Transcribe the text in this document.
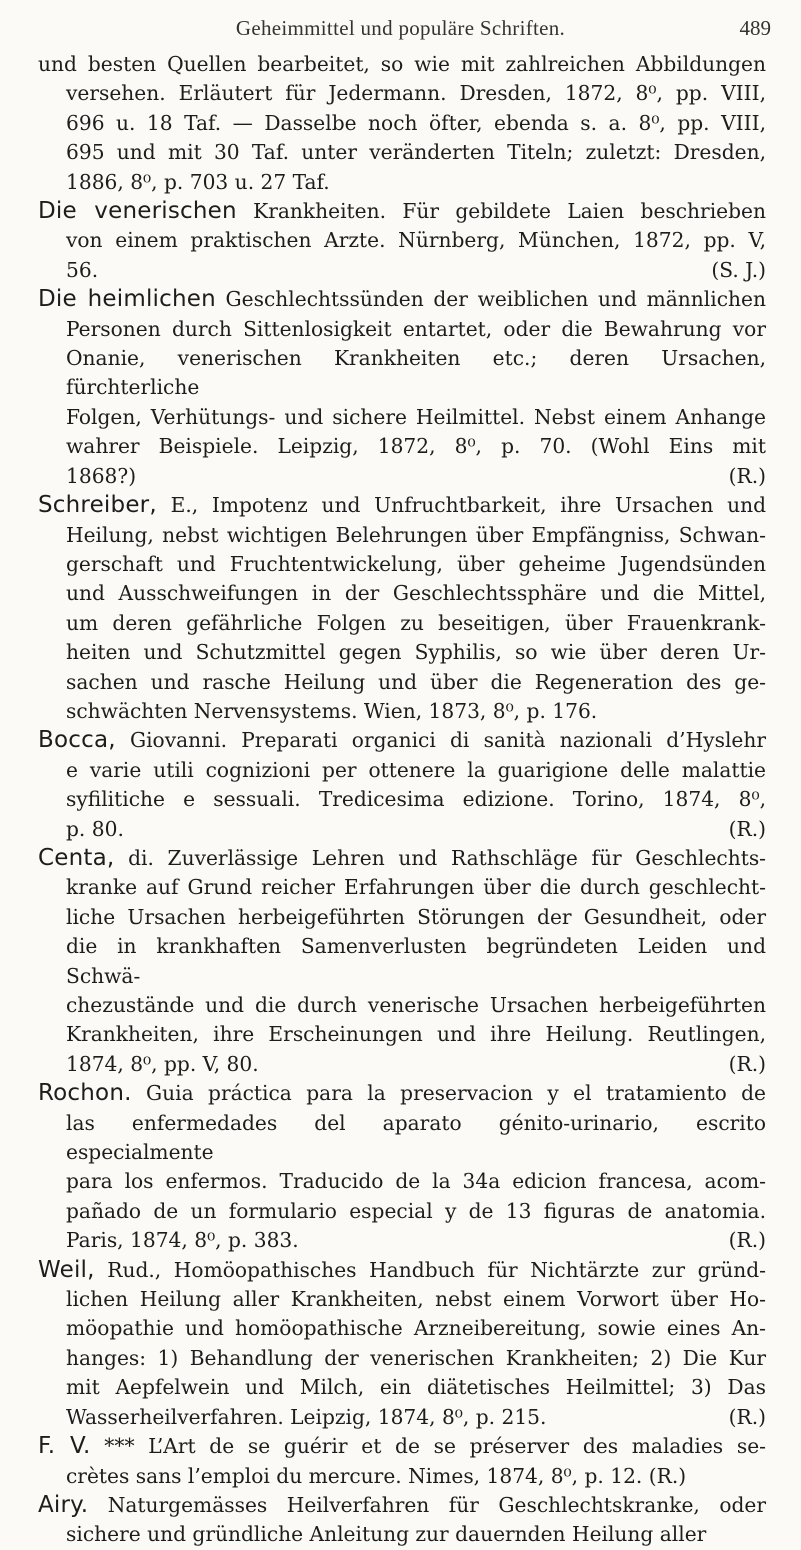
Geheimmittel und populäre Schriften.	489
und besten Quellen bearbeitet, so wie mit zahlreichen Abbildungen
versehen. Erläutert für Jedermann. Dresden, 1872, 8⁰, pp. VIII,
696 u. 18 Taf. — Dasselbe noch öfter, ebenda s. a. 8⁰, pp. VIII,
695 und mit 30 Taf. unter veränderten Titeln; zuletzt: Dresden,
1886, 8⁰, p. 703 u. 27 Taf.
Die venerischen Krankheiten. Für gebildete Laien beschrieben
von einem praktischen Arzte. Nürnberg, München, 1872, pp. V,
56.	(S. J.)
Die heimlichen Geschlechtssünden der weiblichen und männlichen
Personen durch Sittenlosigkeit entartet, oder die Bewahrung vor
Onanie, venerischen Krankheiten etc.; deren Ursachen, fürchterliche
Folgen, Verhütungs- und sichere Heilmittel. Nebst einem Anhange
wahrer Beispiele. Leipzig, 1872, 8⁰, p. 70. (Wohl Eins mit
1868?)	(R.)
Schreiber, E., Impotenz und Unfruchtbarkeit, ihre Ursachen und
Heilung, nebst wichtigen Belehrungen über Empfängniss, Schwan-
gerschaft und Fruchtentwickelung, über geheime Jugendsünden
und Ausschweifungen in der Geschlechtssphäre und die Mittel,
um deren gefährliche Folgen zu beseitigen, über Frauenkrank-
heiten und Schutzmittel gegen Syphilis, so wie über deren Ur-
sachen und rasche Heilung und über die Regeneration des ge-
schwächten Nervensystems. Wien, 1873, 8⁰, p. 176.
Bocca, Giovanni. Preparati organici di sanità nazionali d’Hyslehr
e varie utili cognizioni per ottenere la guarigione delle malattie
syfilitiche e sessuali. Tredicesima edizione. Torino, 1874, 8⁰,
p. 80.	(R.)
Centa, di. Zuverlässige Lehren und Rathschläge für Geschlechts-
kranke auf Grund reicher Erfahrungen über die durch geschlecht-
liche Ursachen herbeigeführten Störungen der Gesundheit, oder
die in krankhaften Samenverlusten begründeten Leiden und Schwä-
chezustände und die durch venerische Ursachen herbeigeführten
Krankheiten, ihre Erscheinungen und ihre Heilung. Reutlingen,
1874, 8⁰, pp. V, 80.	(R.)
Rochon. Guia práctica para la preservacion y el tratamiento de
las enfermedades del aparato génito-urinario, escrito especialmente
para los enfermos. Traducido de la 34a edicion francesa, acom-
pañado de un formulario especial y de 13 figuras de anatomia.
Paris, 1874, 8⁰, p. 383.	(R.)
Weil, Rud., Homöopathisches Handbuch für Nichtärzte zur gründ-
lichen Heilung aller Krankheiten, nebst einem Vorwort über Ho-
möopathie und homöopathische Arzneibereitung, sowie eines An-
hanges: 1) Behandlung der venerischen Krankheiten; 2) Die Kur
mit Aepfelwein und Milch, ein diätetisches Heilmittel; 3) Das
Wasserheilverfahren. Leipzig, 1874, 8⁰, p. 215.	(R.)
F. V. *** L’Art de se guérir et de se préserver des maladies se-
crètes sans l’emploi du mercure. Nimes, 1874, 8⁰, p. 12. (R.)
Airy. Naturgemässes Heilverfahren für Geschlechtskranke, oder
sichere und gründliche Anleitung zur dauernden Heilung aller
